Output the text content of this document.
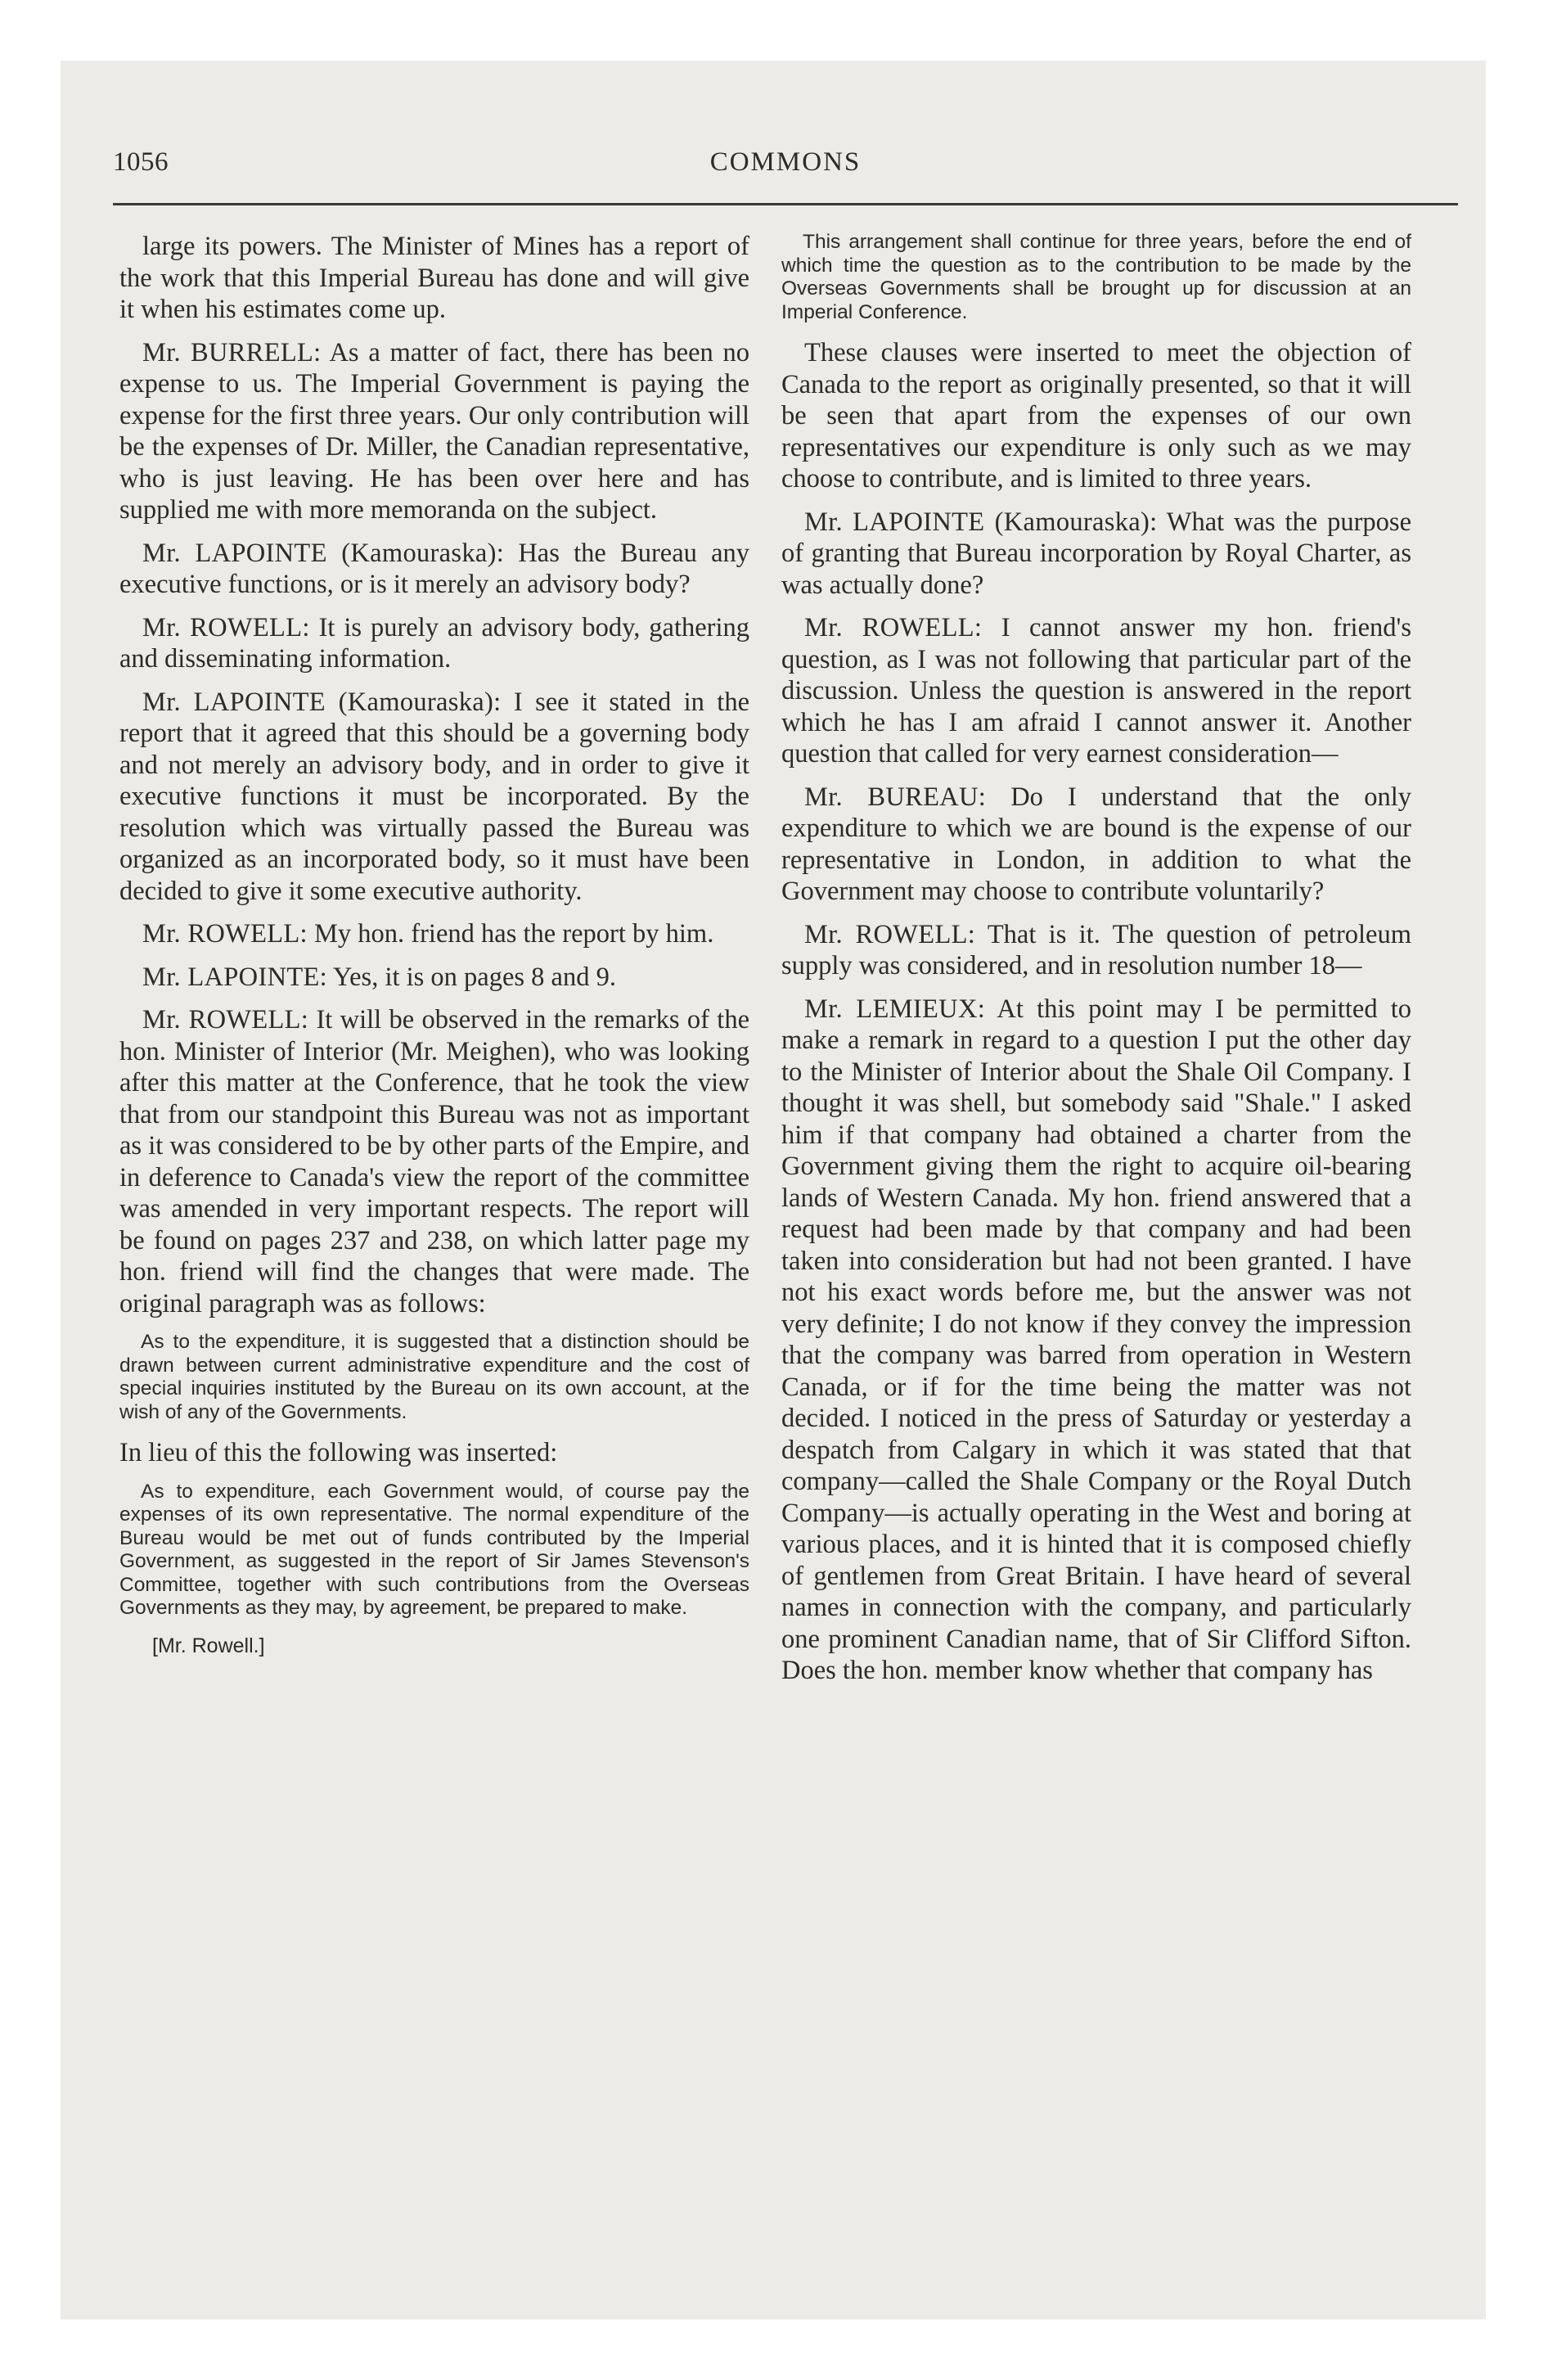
1056	COMMONS

large its powers. The Minister of Mines has a report of the work that this Imperial Bureau has done and will give it when his estimates come up.

Mr. BURRELL: As a matter of fact, there has been no expense to us. The Imperial Government is paying the expense for the first three years. Our only contribution will be the expenses of Dr. Miller, the Canadian representative, who is just leaving. He has been over here and has supplied me with more memoranda on the subject.

Mr. LAPOINTE (Kamouraska): Has the Bureau any executive functions, or is it merely an advisory body?

Mr. ROWELL: It is purely an advisory body, gathering and disseminating information.

Mr. LAPOINTE (Kamouraska): I see it stated in the report that it agreed that this should be a governing body and not merely an advisory body, and in order to give it executive functions it must be incorporated. By the resolution which was virtually passed the Bureau was organized as an incorporated body, so it must have been decided to give it some executive authority.

Mr. ROWELL: My hon. friend has the report by him.

Mr. LAPOINTE: Yes, it is on pages 8 and 9.

Mr. ROWELL: It will be observed in the remarks of the hon. Minister of Interior (Mr. Meighen), who was looking after this matter at the Conference, that he took the view that from our standpoint this Bureau was not as important as it was considered to be by other parts of the Empire, and in deference to Canada's view the report of the committee was amended in very important respects. The report will be found on pages 237 and 238, on which latter page my hon. friend will find the changes that were made. The original paragraph was as follows:

As to the expenditure, it is suggested that a distinction should be drawn between current administrative expenditure and the cost of special inquiries instituted by the Bureau on its own account, at the wish of any of the Governments.

In lieu of this the following was inserted:

As to expenditure, each Government would, of course pay the expenses of its own representative. The normal expenditure of the Bureau would be met out of funds contributed by the Imperial Government, as suggested in the report of Sir James Stevenson's Committee, together with such contributions from the Overseas Governments as they may, by agreement, be prepared to make.

[Mr. Rowell.]

This arrangement shall continue for three years, before the end of which time the question as to the contribution to be made by the Overseas Governments shall be brought up for discussion at an Imperial Conference.

These clauses were inserted to meet the objection of Canada to the report as originally presented, so that it will be seen that apart from the expenses of our own representatives our expenditure is only such as we may choose to contribute, and is limited to three years.

Mr. LAPOINTE (Kamouraska): What was the purpose of granting that Bureau incorporation by Royal Charter, as was actually done?

Mr. ROWELL: I cannot answer my hon. friend's question, as I was not following that particular part of the discussion. Unless the question is answered in the report which he has I am afraid I cannot answer it. Another question that called for very earnest consideration—

Mr. BUREAU: Do I understand that the only expenditure to which we are bound is the expense of our representative in London, in addition to what the Government may choose to contribute voluntarily?

Mr. ROWELL: That is it. The question of petroleum supply was considered, and in resolution number 18—

Mr. LEMIEUX: At this point may I be permitted to make a remark in regard to a question I put the other day to the Minister of Interior about the Shale Oil Company. I thought it was shell, but somebody said "Shale." I asked him if that company had obtained a charter from the Government giving them the right to acquire oil-bearing lands of Western Canada. My hon. friend answered that a request had been made by that company and had been taken into consideration but had not been granted. I have not his exact words before me, but the answer was not very definite; I do not know if they convey the impression that the company was barred from operation in Western Canada, or if for the time being the matter was not decided. I noticed in the press of Saturday or yesterday a despatch from Calgary in which it was stated that that company—called the Shale Company or the Royal Dutch Company—is actually operating in the West and boring at various places, and it is hinted that it is composed chiefly of gentlemen from Great Britain. I have heard of several names in connection with the company, and particularly one prominent Canadian name, that of Sir Clifford Sifton. Does the hon. member know whether that company has
